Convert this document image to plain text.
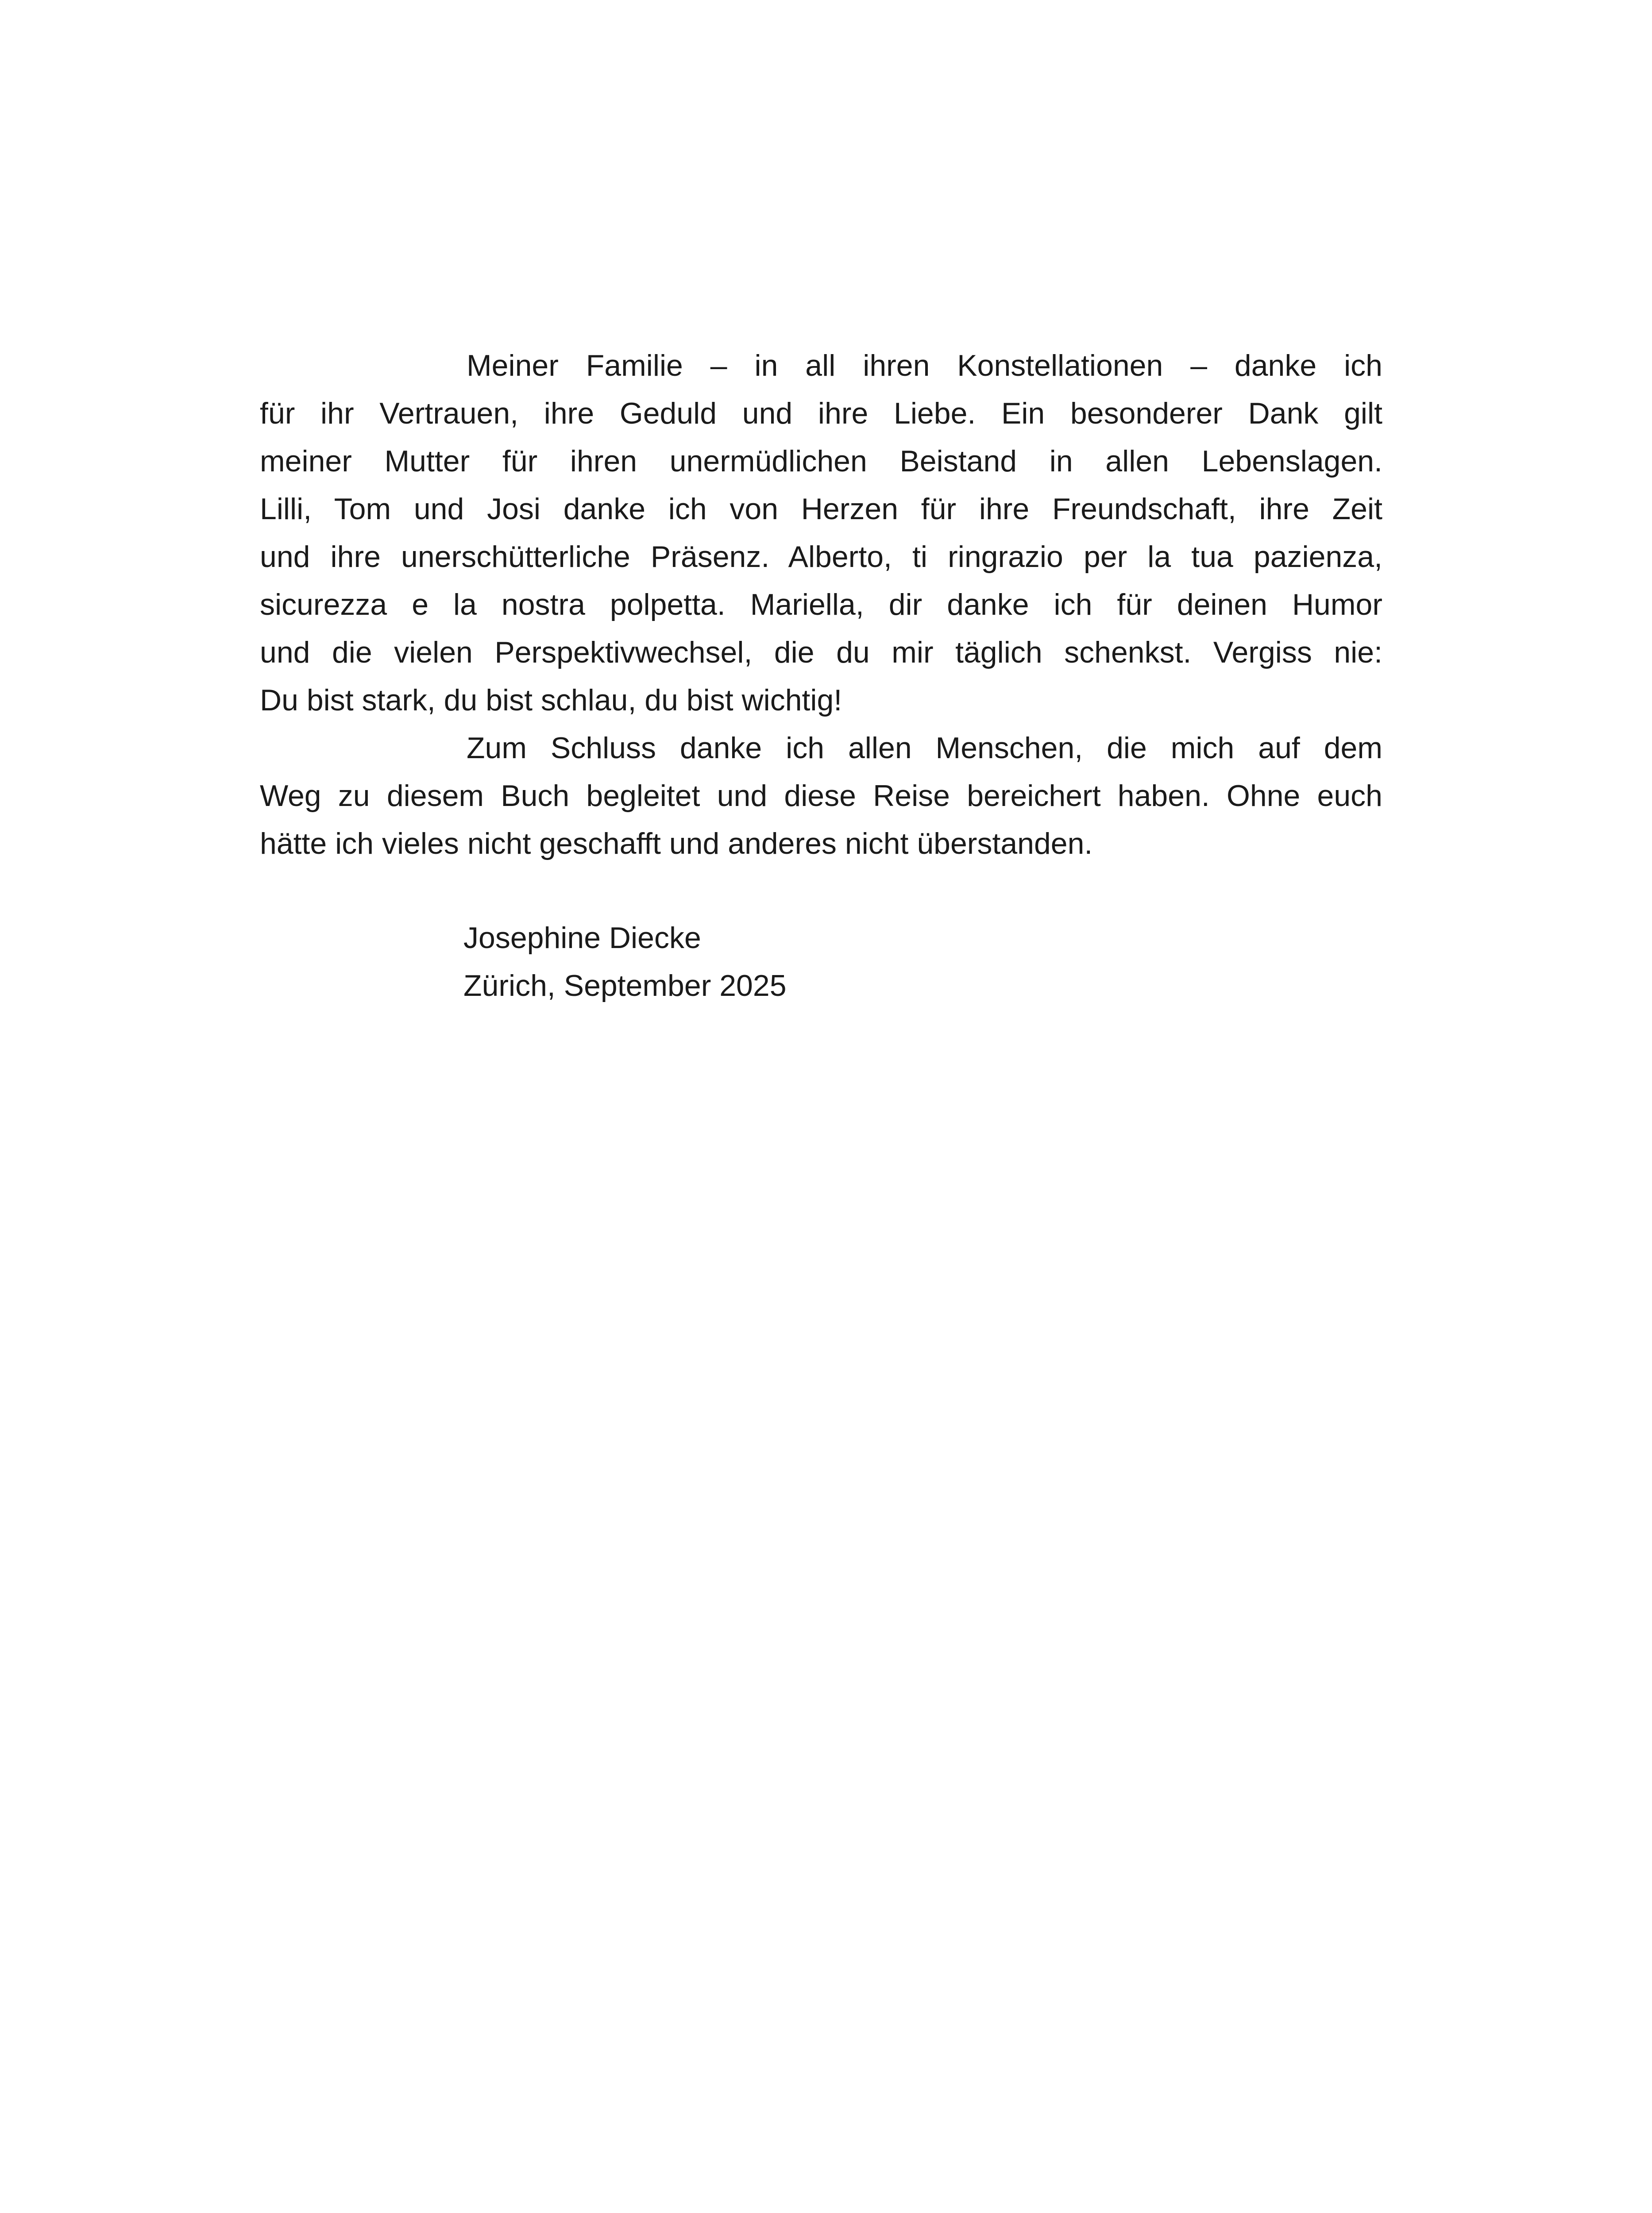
Meiner Familie – in all ihren Konstellationen – danke ich
für ihr Vertrauen, ihre Geduld und ihre Liebe. Ein besonderer Dank gilt
meiner Mutter für ihren unermüdlichen Beistand in allen Lebenslagen.
Lilli, Tom und Josi danke ich von Herzen für ihre Freundschaft, ihre Zeit
und ihre unerschütterliche Präsenz. Alberto, ti ringrazio per la tua pazienza,
sicurezza e la nostra polpetta. Mariella, dir danke ich für deinen Humor
und die vielen Perspektivwechsel, die du mir täglich schenkst. Vergiss nie:
Du bist stark, du bist schlau, du bist wichtig!
Zum Schluss danke ich allen Menschen, die mich auf dem
Weg zu diesem Buch begleitet und diese Reise bereichert haben. Ohne euch
hätte ich vieles nicht geschafft und anderes nicht überstanden.
Josephine Diecke
Zürich, September 2025
